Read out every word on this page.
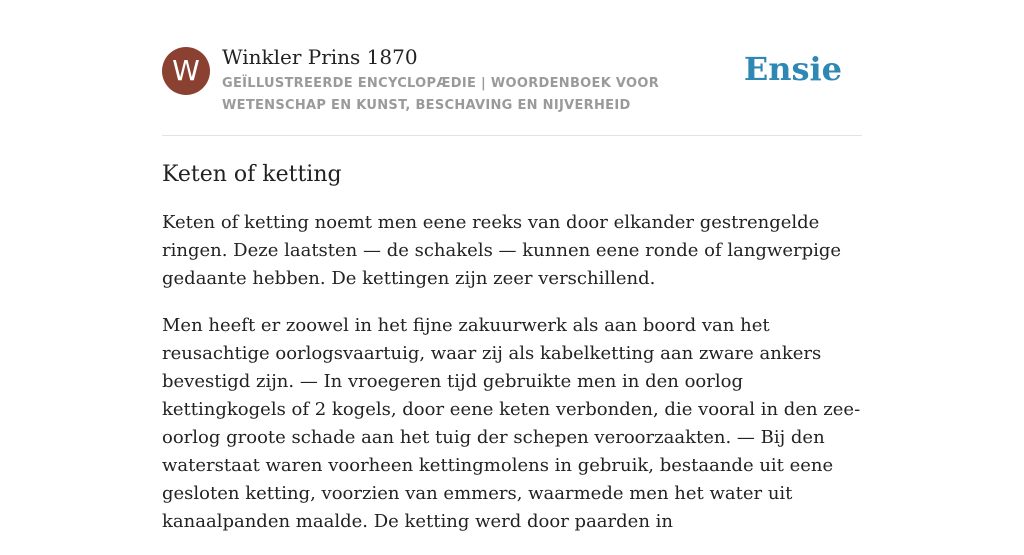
W	Winkler Prins 1870
GEÏLLUSTREERDE ENCYCLOPÆDIE | WOORDENBOEK VOOR WETENSCHAP EN KUNST, BESCHAVING EN NIJVERHEID
Ensie
Keten of ketting

Keten of ketting noemt men eene reeks van door elkander gestrengelde ringen. Deze laatsten — de schakels — kunnen eene ronde of langwerpige gedaante hebben. De kettingen zijn zeer verschillend.

Men heeft er zoowel in het fijne zakuurwerk als aan boord van het reusachtige oorlogsvaartuig, waar zij als kabelketting aan zware ankers bevestigd zijn. — In vroegeren tijd gebruikte men in den oorlog kettingkogels of 2 kogels, door eene keten verbonden, die vooral in den zee-oorlog groote schade aan het tuig der schepen veroorzaakten. — Bij den waterstaat waren voorheen kettingmolens in gebruik, bestaande uit eene gesloten ketting, voorzien van emmers, waarmede men het water uit kanaalpanden maalde. De ketting werd door paarden in
